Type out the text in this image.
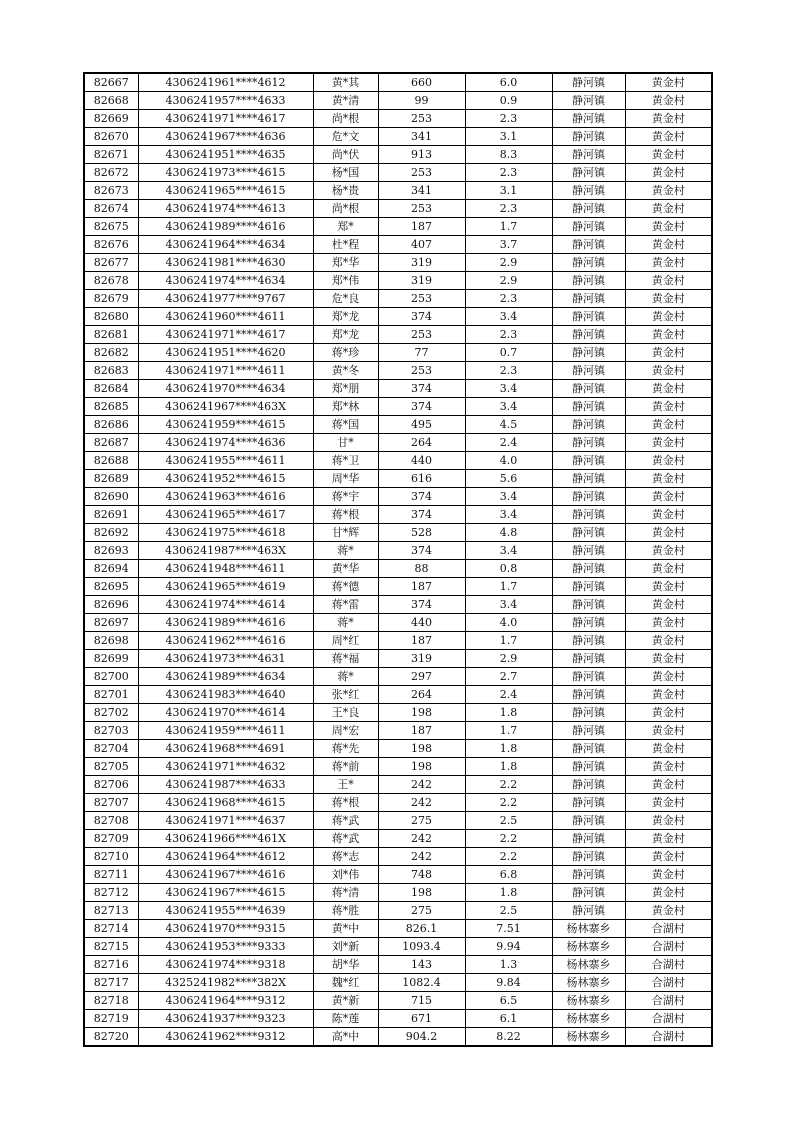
82667	4306241961****4612	黄*其	660	6.0	静河镇	黄金村
82668	4306241957****4633	黄*清	99	0.9	静河镇	黄金村
82669	4306241971****4617	尚*根	253	2.3	静河镇	黄金村
82670	4306241967****4636	危*文	341	3.1	静河镇	黄金村
82671	4306241951****4635	尚*伏	913	8.3	静河镇	黄金村
82672	4306241973****4615	杨*国	253	2.3	静河镇	黄金村
82673	4306241965****4615	杨*贵	341	3.1	静河镇	黄金村
82674	4306241974****4613	尚*根	253	2.3	静河镇	黄金村
82675	4306241989****4616	郑*	187	1.7	静河镇	黄金村
82676	4306241964****4634	杜*程	407	3.7	静河镇	黄金村
82677	4306241981****4630	郑*华	319	2.9	静河镇	黄金村
82678	4306241974****4634	郑*伟	319	2.9	静河镇	黄金村
82679	4306241977****9767	危*良	253	2.3	静河镇	黄金村
82680	4306241960****4611	郑*龙	374	3.4	静河镇	黄金村
82681	4306241971****4617	郑*龙	253	2.3	静河镇	黄金村
82682	4306241951****4620	蒋*珍	77	0.7	静河镇	黄金村
82683	4306241971****4611	黄*冬	253	2.3	静河镇	黄金村
82684	4306241970****4634	郑*朋	374	3.4	静河镇	黄金村
82685	4306241967****463X	郑*林	374	3.4	静河镇	黄金村
82686	4306241959****4615	蒋*国	495	4.5	静河镇	黄金村
82687	4306241974****4636	甘*	264	2.4	静河镇	黄金村
82688	4306241955****4611	蒋*卫	440	4.0	静河镇	黄金村
82689	4306241952****4615	周*华	616	5.6	静河镇	黄金村
82690	4306241963****4616	蒋*宇	374	3.4	静河镇	黄金村
82691	4306241965****4617	蒋*根	374	3.4	静河镇	黄金村
82692	4306241975****4618	甘*辉	528	4.8	静河镇	黄金村
82693	4306241987****463X	蒋*	374	3.4	静河镇	黄金村
82694	4306241948****4611	黄*华	88	0.8	静河镇	黄金村
82695	4306241965****4619	蒋*德	187	1.7	静河镇	黄金村
82696	4306241974****4614	蒋*雷	374	3.4	静河镇	黄金村
82697	4306241989****4616	蒋*	440	4.0	静河镇	黄金村
82698	4306241962****4616	周*红	187	1.7	静河镇	黄金村
82699	4306241973****4631	蒋*福	319	2.9	静河镇	黄金村
82700	4306241989****4634	蒋*	297	2.7	静河镇	黄金村
82701	4306241983****4640	张*红	264	2.4	静河镇	黄金村
82702	4306241970****4614	王*良	198	1.8	静河镇	黄金村
82703	4306241959****4611	周*宏	187	1.7	静河镇	黄金村
82704	4306241968****4691	蒋*先	198	1.8	静河镇	黄金村
82705	4306241971****4632	蒋*前	198	1.8	静河镇	黄金村
82706	4306241987****4633	王*	242	2.2	静河镇	黄金村
82707	4306241968****4615	蒋*根	242	2.2	静河镇	黄金村
82708	4306241971****4637	蒋*武	275	2.5	静河镇	黄金村
82709	4306241966****461X	蒋*武	242	2.2	静河镇	黄金村
82710	4306241964****4612	蒋*志	242	2.2	静河镇	黄金村
82711	4306241967****4616	刘*伟	748	6.8	静河镇	黄金村
82712	4306241967****4615	蒋*清	198	1.8	静河镇	黄金村
82713	4306241955****4639	蒋*胜	275	2.5	静河镇	黄金村
82714	4306241970****9315	黄*中	826.1	7.51	杨林寨乡	合湖村
82715	4306241953****9333	刘*新	1093.4	9.94	杨林寨乡	合湖村
82716	4306241974****9318	胡*华	143	1.3	杨林寨乡	合湖村
82717	4325241982****382X	魏*红	1082.4	9.84	杨林寨乡	合湖村
82718	4306241964****9312	黄*新	715	6.5	杨林寨乡	合湖村
82719	4306241937****9323	陈*莲	671	6.1	杨林寨乡	合湖村
82720	4306241962****9312	高*中	904.2	8.22	杨林寨乡	合湖村
